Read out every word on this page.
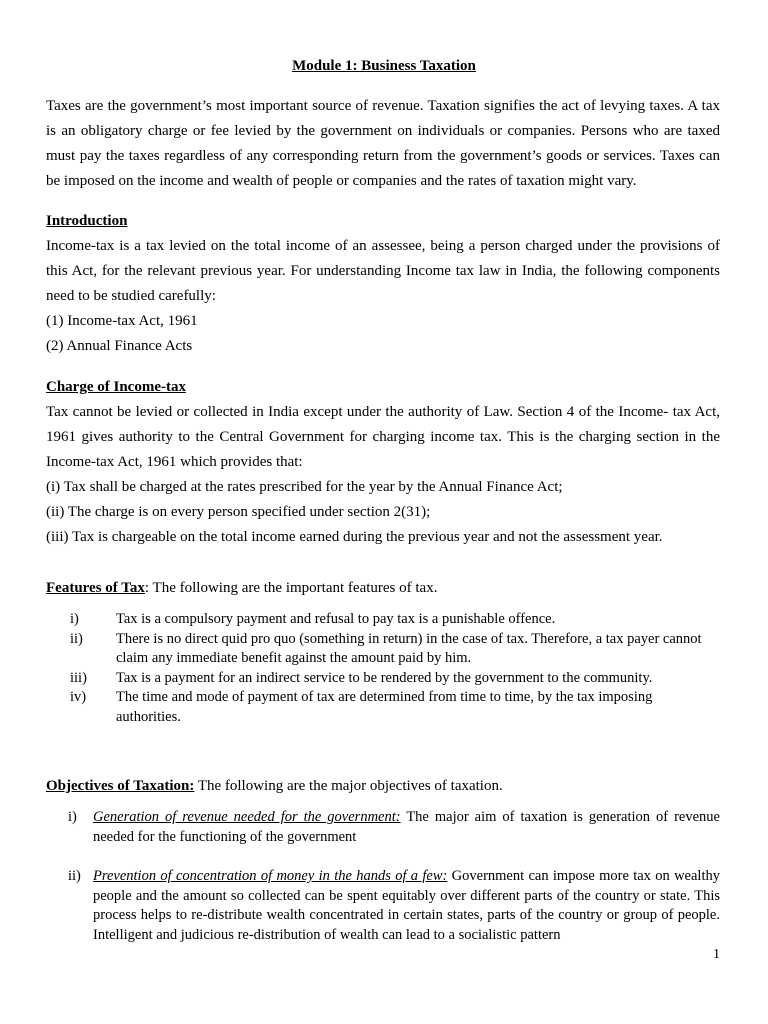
Module 1: Business Taxation

Taxes are the government’s most important source of revenue. Taxation signifies the act of levying taxes. A tax is an obligatory charge or fee levied by the government on individuals or companies. Persons who are taxed must pay the taxes regardless of any corresponding return from the government’s goods or services. Taxes can be imposed on the income and wealth of people or companies and the rates of taxation might vary.

Introduction

Income-tax is a tax levied on the total income of an assessee, being a person charged under the provisions of this Act, for the relevant previous year. For understanding Income tax law in India, the following components need to be studied carefully:

(1) Income-tax Act, 1961
(2) Annual Finance Acts
Charge of Income-tax

Tax cannot be levied or collected in India except under the authority of Law. Section 4 of the Income- tax Act, 1961 gives authority to the Central Government for charging income tax. This is the charging section in the Income-tax Act, 1961 which provides that:

(i) Tax shall be charged at the rates prescribed for the year by the Annual Finance Act;
(ii) The charge is on every person specified under section 2(31);
(iii) Tax is chargeable on the total income earned during the previous year and not the assessment year.
Features of Tax: The following are the important features of tax.
i)	Tax is a compulsory payment and refusal to pay tax is a punishable offence.
ii) There is no direct quid pro quo (something in return) in the case of tax. Therefore, a tax payer cannot claim any immediate benefit against the amount paid by him.
iii) Tax is a payment for an indirect service to be rendered by the government to the community.
iv) The time and mode of payment of tax are determined from time to time, by the tax imposing authorities.
Objectives of Taxation: The following are the major objectives of taxation.
i) Generation of revenue needed for the government: The major aim of taxation is generation of revenue needed for the functioning of the government
ii) Prevention of concentration of money in the hands of a few: Government can impose more tax on wealthy people and the amount so collected can be spent equitably over different parts of the country or state. This process helps to re-distribute wealth concentrated in certain states, parts of the country or group of people. Intelligent and judicious re-distribution of wealth can lead to a socialistic pattern
1
